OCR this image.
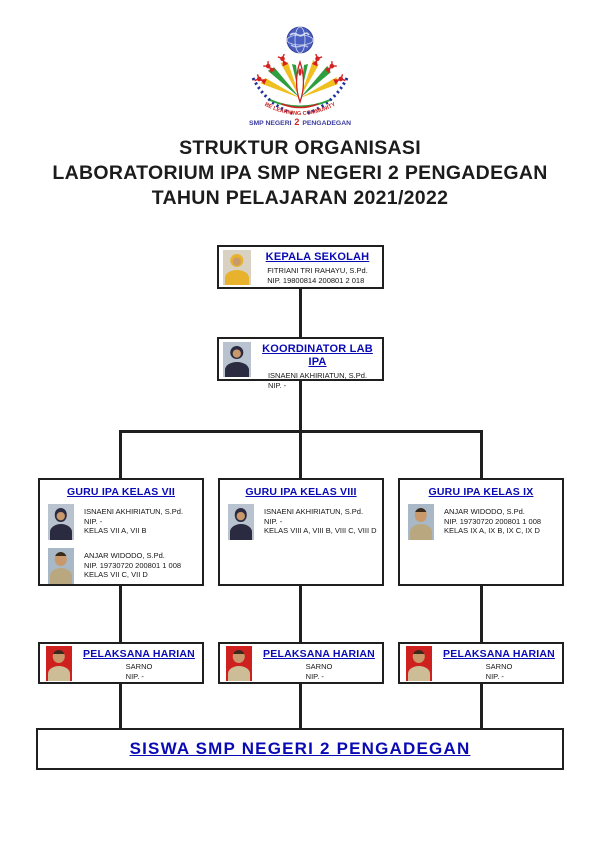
BE LEARNING COMMUNITY
SMP NEGERI 2 PENGADEGAN
STRUKTUR ORGANISASI
LABORATORIUM IPA SMP NEGERI 2 PENGADEGAN
TAHUN PELAJARAN 2021/2022
KEPALA SEKOLAH
FITRIANI TRI RAHAYU, S.Pd.
NIP. 19800814 200801 2 018
KOORDINATOR LAB IPA
ISNAENI AKHIRIATUN, S.Pd.
NIP. -
GURU IPA KELAS VII
ISNAENI AKHIRIATUN, S.Pd.
NIP. -
KELAS VII A, VII B
ANJAR WIDODO, S.Pd.
NIP. 19730720 200801 1 008
KELAS VII C, VII D
GURU IPA KELAS VIII
ISNAENI AKHIRIATUN, S.Pd.
NIP. -
KELAS VIII A, VIII B, VIII C, VIII D
GURU IPA KELAS IX
ANJAR WIDODO, S.Pd.
NIP. 19730720 200801 1 008
KELAS IX A, IX B, IX C, IX D
PELAKSANA HARIAN
SARNO
NIP. -
PELAKSANA HARIAN
SARNO
NIP. -
PELAKSANA HARIAN
SARNO
NIP. -
SISWA SMP NEGERI 2 PENGADEGAN
